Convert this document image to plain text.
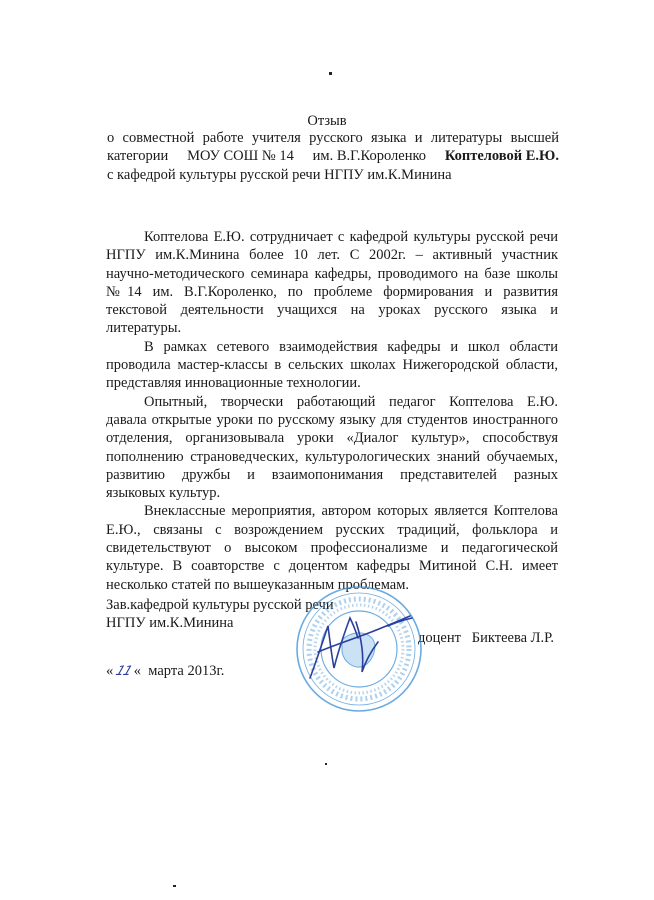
Отзыв
о совместной работе учителя русского языка и литературы высшей
категории МОУ СОШ № 14 им. В.Г.Короленко Коптеловой Е.Ю.
с кафедрой культуры русской речи НГПУ им.К.Минина
Коптелова Е.Ю. сотрудничает с кафедрой культуры русской речи
НГПУ им.К.Минина более 10 лет. С 2002г. – активный участник
научно-методического семинара кафедры, проводимого на базе школы
№14 им. В.Г.Короленко, по проблеме формирования и развития
текстовой деятельности учащихся на уроках русского языка и
литературы.
В рамках сетевого взаимодействия кафедры и школ области
проводила мастер-классы в сельских школах Нижегородской области,
представляя инновационные технологии.
Опытный, творчески работающий педагог Коптелова Е.Ю.
давала открытые уроки по русскому языку для студентов иностранного
отделения, организовывала уроки «Диалог культур», способствуя
пополнению страноведческих, культурологических знаний обучаемых,
развитию дружбы и взаимопонимания представителей разных
языковых культур.
Внеклассные мероприятия, автором которых является Коптелова
Е.Ю., связаны с возрождением русских традиций, фольклора и
свидетельствуют о высоком профессионализме и педагогической
культуре. В соавторстве с доцентом кафедры Митиной С.Н. имеет
несколько статей по вышеуказанным проблемам.
Зав.кафедрой культуры русской речи
НГПУ им.К.Минина
доцент   Биктеева Л.Р.
«11« марта 2013г.
